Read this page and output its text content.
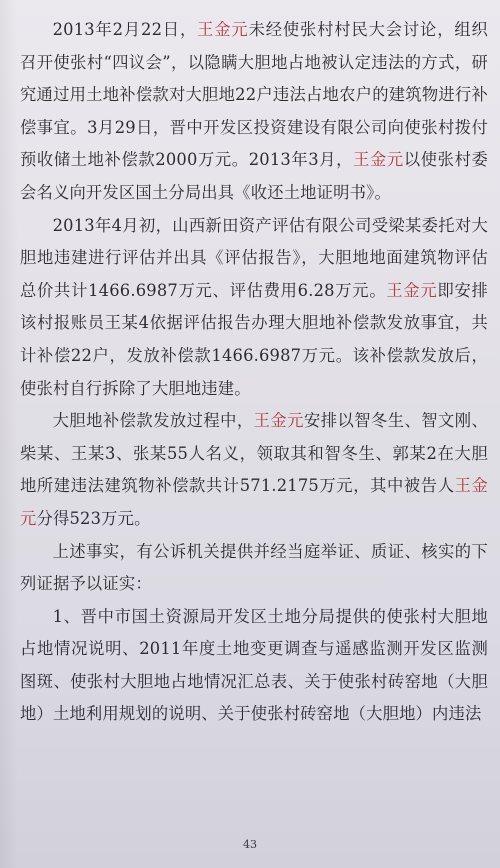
2013年2月22日，王金元未经使张村村民大会讨论，组织召开使张村“四议会”，以隐瞒大胆地占地被认定违法的方式，研究通过用土地补偿款对大胆地22户违法占地农户的建筑物进行补偿事宜。3月29日，晋中开发区投资建设有限公司向使张村拨付预收储土地补偿款2000万元。2013年3月，王金元以使张村委会名义向开发区国土分局出具《收还土地证明书》。

2013年4月初，山西新田资产评估有限公司受梁某委托对大胆地违建进行评估并出具《评估报告》，大胆地地面建筑物评估总价共计1466.6987万元、评估费用6.28万元。王金元即安排该村报账员王某4依据评估报告办理大胆地补偿款发放事宜，共计补偿22户，发放补偿款1466.6987万元。该补偿款发放后，使张村自行拆除了大胆地违建。

大胆地补偿款发放过程中，王金元安排以智冬生、智文刚、柴某、王某3、张某55人名义，领取其和智冬生、郭某2在大胆地所建违法建筑物补偿款共计571.2175万元，其中被告人王金元分得523万元。

上述事实，有公诉机关提供并经当庭举证、质证、核实的下列证据予以证实：

1、晋中市国土资源局开发区土地分局提供的使张村大胆地占地情况说明、2011年度土地变更调查与遥感监测开发区监测图斑、使张村大胆地占地情况汇总表、关于使张村砖窑地（大胆地）土地利用规划的说明、关于使张村砖窑地（大胆地）内违法

43
